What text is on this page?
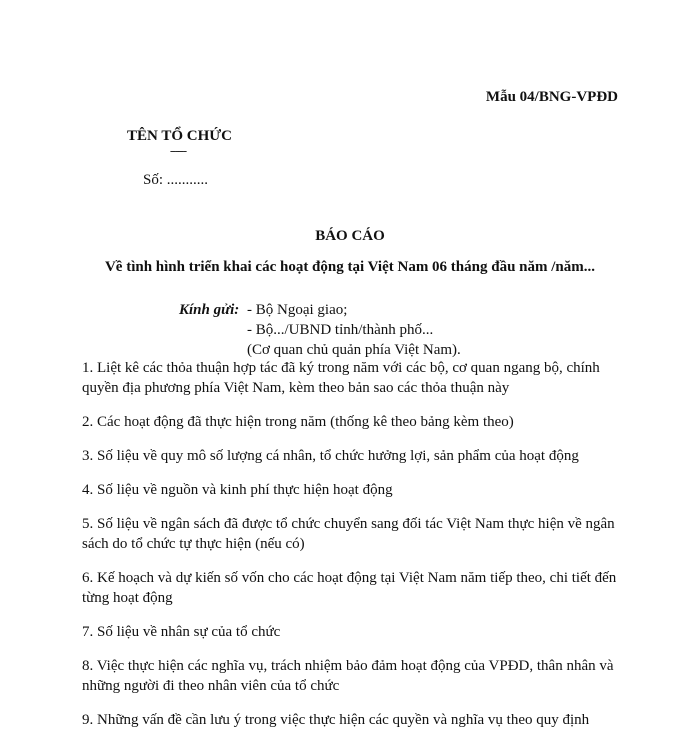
Mẫu 04/BNG-VPĐD
TÊN TỔ CHỨC
------
Số: ...........
BÁO CÁO
Về tình hình triển khai các hoạt động tại Việt Nam 06 tháng đầu năm /năm...
Kính gửi: - Bộ Ngoại giao;
- Bộ.../UBND tỉnh/thành phố...
(Cơ quan chủ quản phía Việt Nam).

1. Liệt kê các thỏa thuận hợp tác đã ký trong năm với các bộ, cơ quan ngang bộ, chính quyền địa phương phía Việt Nam, kèm theo bản sao các thỏa thuận này

2. Các hoạt động đã thực hiện trong năm (thống kê theo bảng kèm theo)

3. Số liệu về quy mô số lượng cá nhân, tổ chức hưởng lợi, sản phẩm của hoạt động

4. Số liệu về nguồn và kinh phí thực hiện hoạt động

5. Số liệu về ngân sách đã được tổ chức chuyển sang đối tác Việt Nam thực hiện về ngân sách do tổ chức tự thực hiện (nếu có)

6. Kế hoạch và dự kiến số vốn cho các hoạt động tại Việt Nam năm tiếp theo, chi tiết đến từng hoạt động

7. Số liệu về nhân sự của tổ chức

8. Việc thực hiện các nghĩa vụ, trách nhiệm bảo đảm hoạt động của VPĐD, thân nhân và những người đi theo nhân viên của tổ chức

9. Những vấn đề cần lưu ý trong việc thực hiện các quyền và nghĩa vụ theo quy định
